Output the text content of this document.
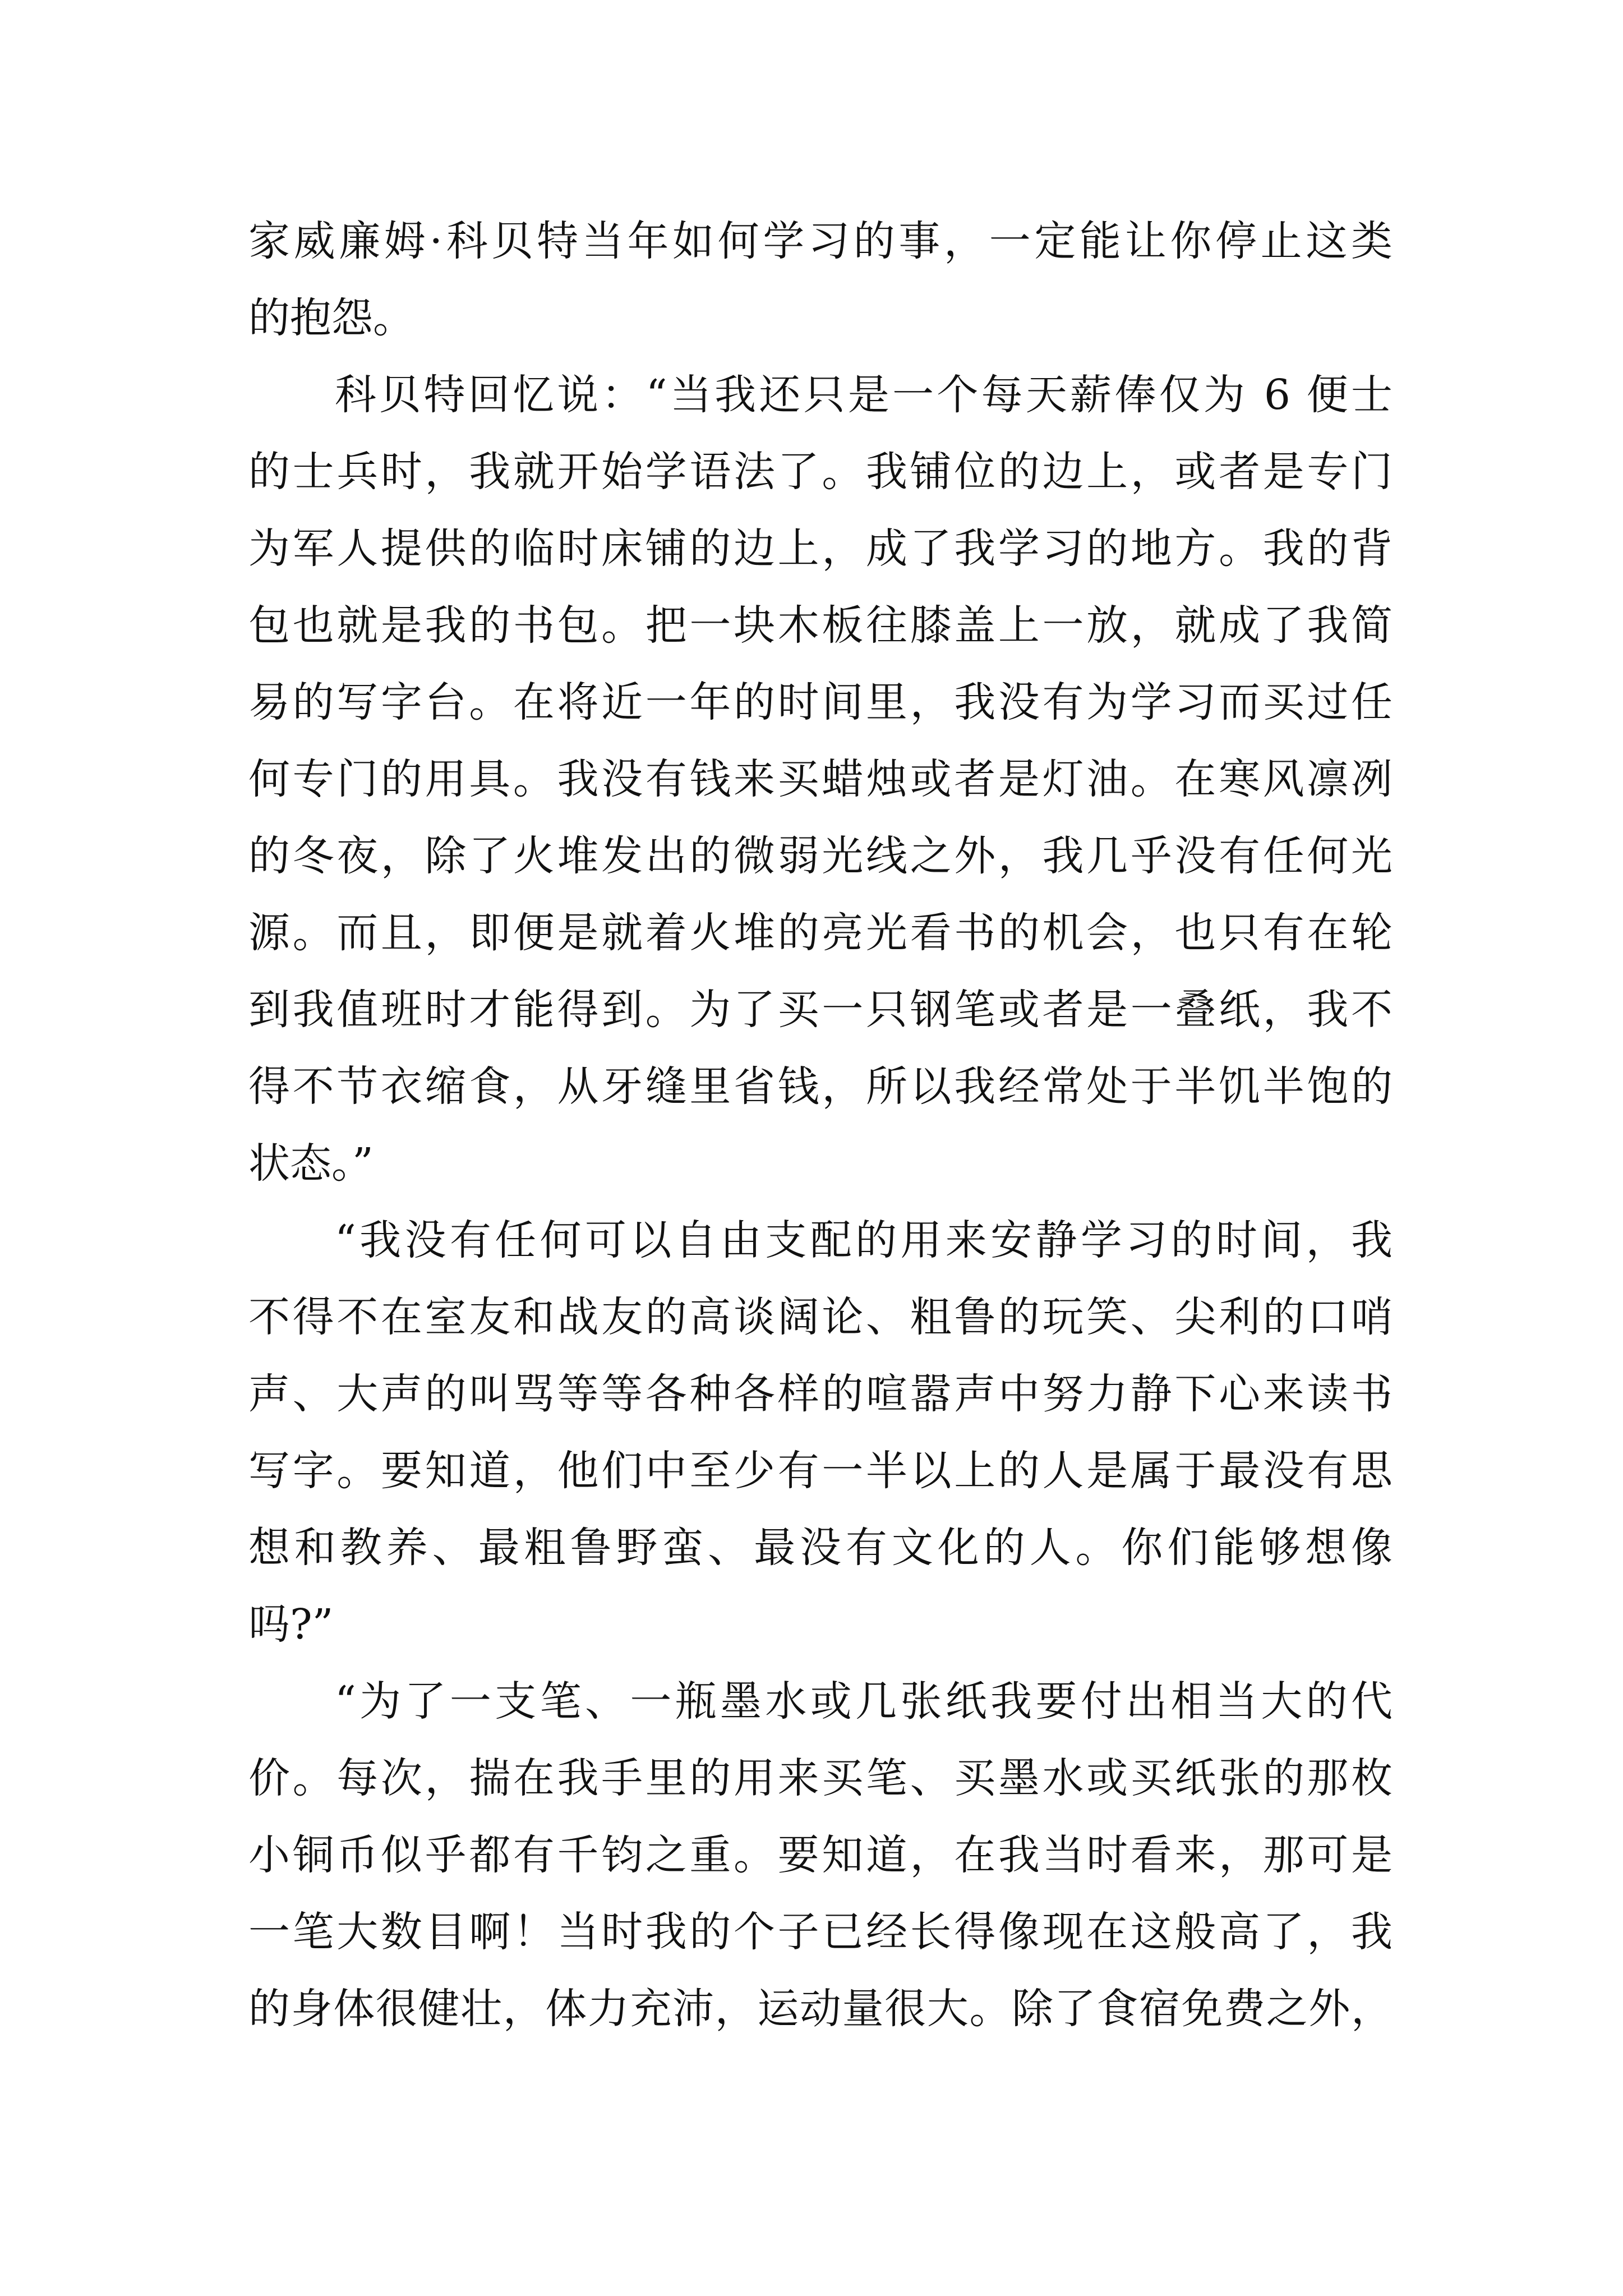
家威廉姆·科贝特当年如何学习的事，一定能让你停止这类
的抱怨。
科贝特回忆说：“当我还只是一个每天薪俸仅为 6 便士
的士兵时，我就开始学语法了。我铺位的边上，或者是专门
为军人提供的临时床铺的边上，成了我学习的地方。我的背
包也就是我的书包。把一块木板往膝盖上一放，就成了我简
易的写字台。在将近一年的时间里，我没有为学习而买过任
何专门的用具。我没有钱来买蜡烛或者是灯油。在寒风凛冽
的冬夜，除了火堆发出的微弱光线之外，我几乎没有任何光
源。而且，即便是就着火堆的亮光看书的机会，也只有在轮
到我值班时才能得到。为了买一只钢笔或者是一叠纸，我不
得不节衣缩食，从牙缝里省钱，所以我经常处于半饥半饱的
状态。”
“我没有任何可以自由支配的用来安静学习的时间，我
不得不在室友和战友的高谈阔论、粗鲁的玩笑、尖利的口哨
声、大声的叫骂等等各种各样的喧嚣声中努力静下心来读书
写字。要知道，他们中至少有一半以上的人是属于最没有思
想和教养、最粗鲁野蛮、最没有文化的人。你们能够想像
吗?”
“为了一支笔、一瓶墨水或几张纸我要付出相当大的代
价。每次，揣在我手里的用来买笔、买墨水或买纸张的那枚
小铜币似乎都有千钧之重。要知道，在我当时看来，那可是
一笔大数目啊！当时我的个子已经长得像现在这般高了，我
的身体很健壮，体力充沛，运动量很大。除了食宿免费之外，
